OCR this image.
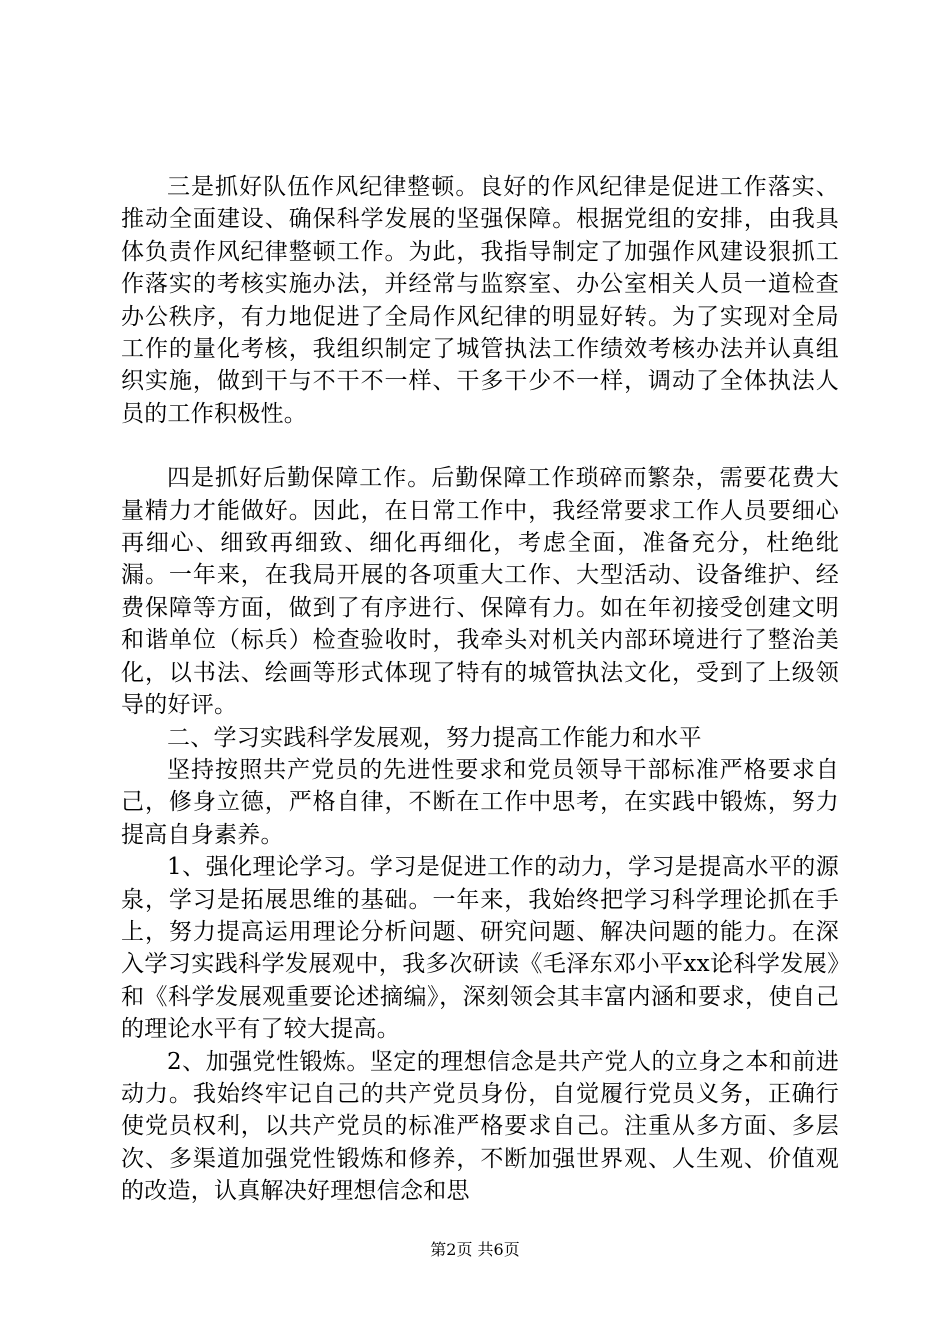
三是抓好队伍作风纪律整顿。良好的作风纪律是促进工作落实、推动全面建设、确保科学发展的坚强保障。根据党组的安排，由我具体负责作风纪律整顿工作。为此，我指导制定了加强作风建设狠抓工作落实的考核实施办法，并经常与监察室、办公室相关人员一道检查办公秩序，有力地促进了全局作风纪律的明显好转。为了实现对全局工作的量化考核，我组织制定了城管执法工作绩效考核办法并认真组织实施，做到干与不干不一样、干多干少不一样，调动了全体执法人员的工作积极性。

四是抓好后勤保障工作。后勤保障工作琐碎而繁杂，需要花费大量精力才能做好。因此，在日常工作中，我经常要求工作人员要细心再细心、细致再细致、细化再细化，考虑全面，准备充分，杜绝纰漏。一年来，在我局开展的各项重大工作、大型活动、设备维护、经费保障等方面，做到了有序进行、保障有力。如在年初接受创建文明和谐单位（标兵）检查验收时，我牵头对机关内部环境进行了整治美化，以书法、绘画等形式体现了特有的城管执法文化，受到了上级领导的好评。

二、学习实践科学发展观，努力提高工作能力和水平

坚持按照共产党员的先进性要求和党员领导干部标准严格要求自己，修身立德，严格自律，不断在工作中思考，在实践中锻炼，努力提高自身素养。

1、强化理论学习。学习是促进工作的动力，学习是提高水平的源泉，学习是拓展思维的基础。一年来，我始终把学习科学理论抓在手上，努力提高运用理论分析问题、研究问题、解决问题的能力。在深入学习实践科学发展观中，我多次研读《毛泽东邓小平xx论科学发展》和《科学发展观重要论述摘编》，深刻领会其丰富内涵和要求，使自己的理论水平有了较大提高。

2、加强党性锻炼。坚定的理想信念是共产党人的立身之本和前进动力。我始终牢记自己的共产党员身份，自觉履行党员义务，正确行使党员权利，以共产党员的标准严格要求自己。注重从多方面、多层次、多渠道加强党性锻炼和修养，不断加强世界观、人生观、价值观的改造，认真解决好理想信念和思

第2页 共6页
